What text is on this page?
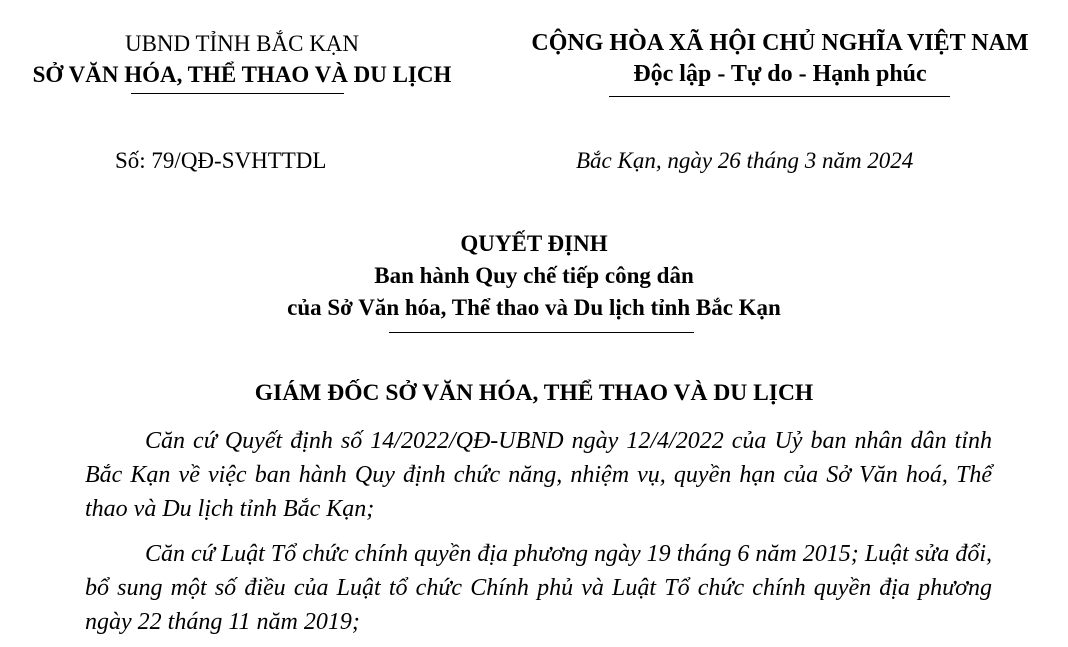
UBND TỈNH BẮC KẠN
SỞ VĂN HÓA, THỂ THAO VÀ DU LỊCH
CỘNG HÒA XÃ HỘI CHỦ NGHĨA VIỆT NAM
Độc lập - Tự do - Hạnh phúc
Số: 79/QĐ-SVHTTDL	Bắc Kạn, ngày 26 tháng 3 năm 2024
QUYẾT ĐỊNH
Ban hành Quy chế tiếp công dân
của Sở Văn hóa, Thể thao và Du lịch tỉnh Bắc Kạn
GIÁM ĐỐC SỞ VĂN HÓA, THỂ THAO VÀ DU LỊCH
Căn cứ Quyết định số 14/2022/QĐ-UBND ngày 12/4/2022 của Uỷ ban nhân dân tỉnh Bắc Kạn về việc ban hành Quy định chức năng, nhiệm vụ, quyền hạn của Sở Văn hoá, Thể thao và Du lịch tỉnh Bắc Kạn;
Căn cứ Luật Tổ chức chính quyền địa phương ngày 19 tháng 6 năm 2015; Luật sửa đổi, bổ sung một số điều của Luật tổ chức Chính phủ và Luật Tổ chức chính quyền địa phương ngày 22 tháng 11 năm 2019;
